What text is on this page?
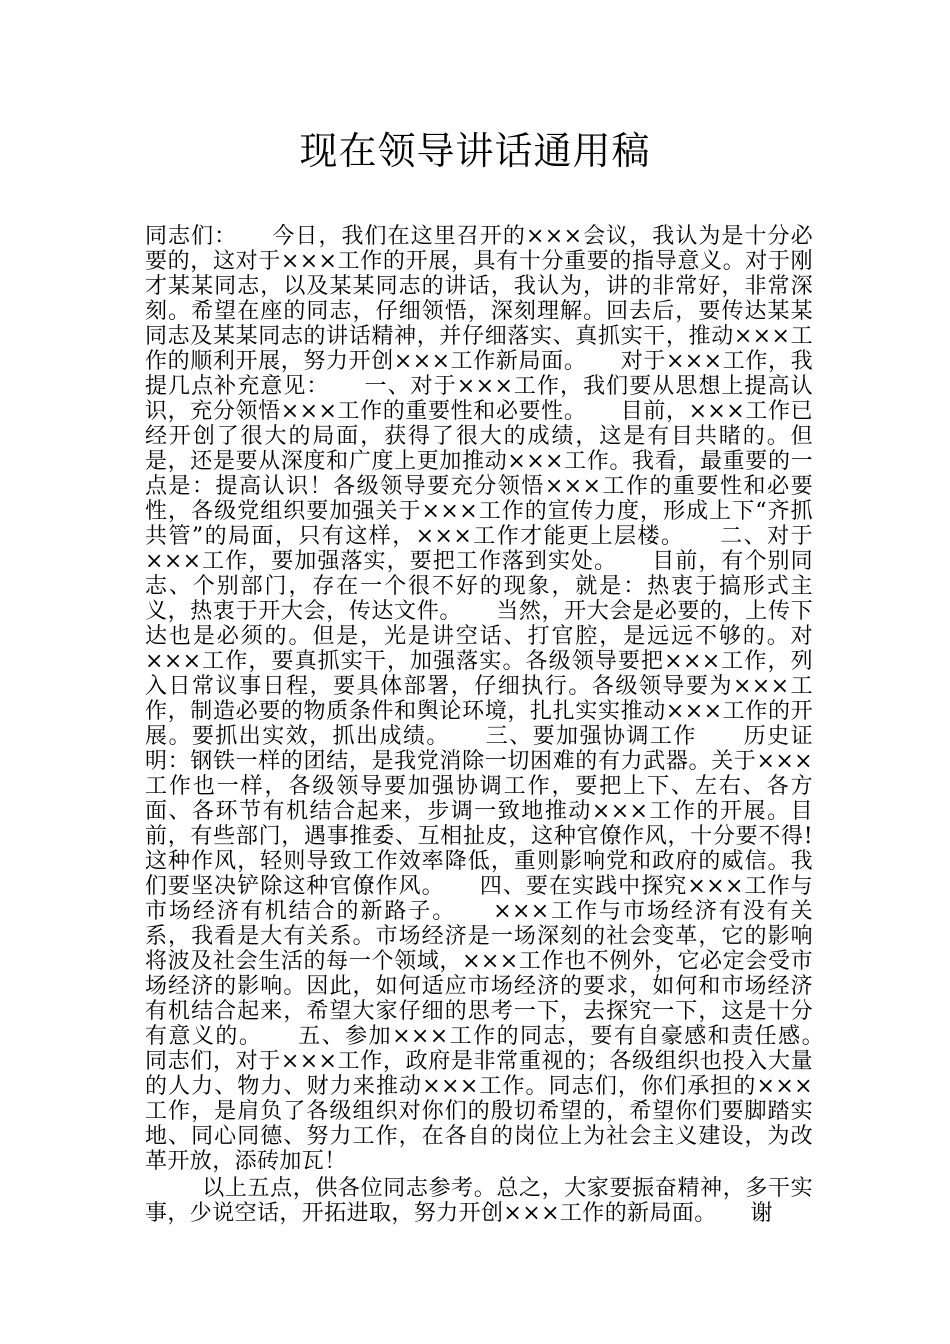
现在领导讲话通用稿

同志们：　　今日，我们在这里召开的×××会议，我认为是十分必要的，这对于×××工作的开展，具有十分重要的指导意义。对于刚才某某同志，以及某某同志的讲话，我认为，讲的非常好，非常深刻。希望在座的同志，仔细领悟，深刻理解。回去后，要传达某某同志及某某同志的讲话精神，并仔细落实、真抓实干，推动×××工作的顺利开展，努力开创×××工作新局面。　　对于×××工作，我提几点补充意见：　　一、对于×××工作，我们要从思想上提高认识，充分领悟×××工作的重要性和必要性。　　目前，×××工作已经开创了很大的局面，获得了很大的成绩，这是有目共睹的。但是，还是要从深度和广度上更加推动×××工作。我看，最重要的一点是：提高认识！各级领导要充分领悟×××工作的重要性和必要性，各级党组织要加强关于×××工作的宣传力度，形成上下“齐抓共管”的局面，只有这样，×××工作才能更上层楼。　　二、对于×××工作，要加强落实，要把工作落到实处。　　目前，有个别同志、个别部门，存在一个很不好的现象，就是：热衷于搞形式主义，热衷于开大会，传达文件。　　当然，开大会是必要的，上传下达也是必须的。但是，光是讲空话、打官腔，是远远不够的。对×××工作，要真抓实干，加强落实。各级领导要把×××工作，列入日常议事日程，要具体部署，仔细执行。各级领导要为×××工作，制造必要的物质条件和舆论环境，扎扎实实推动×××工作的开展。要抓出实效，抓出成绩。　　三、要加强协调工作　　历史证明：钢铁一样的团结，是我党消除一切困难的有力武器。关于×××工作也一样，各级领导要加强协调工作，要把上下、左右、各方面、各环节有机结合起来，步调一致地推动×××工作的开展。目前，有些部门，遇事推委、互相扯皮，这种官僚作风，十分要不得!这种作风，轻则导致工作效率降低，重则影响党和政府的威信。我们要坚决铲除这种官僚作风。　　四、要在实践中探究×××工作与市场经济有机结合的新路子。　　×××工作与市场经济有没有关系，我看是大有关系。市场经济是一场深刻的社会变革，它的影响将波及社会生活的每一个领域，×××工作也不例外，它必定会受市场经济的影响。因此，如何适应市场经济的要求，如何和市场经济有机结合起来，希望大家仔细的思考一下，去探究一下，这是十分有意义的。　　五、参加×××工作的同志，要有自豪感和责任感。　　同志们，对于×××工作，政府是非常重视的；各级组织也投入大量的人力、物力、财力来推动×××工作。同志们，你们承担的×××工作，是肩负了各级组织对你们的殷切希望的，希望你们要脚踏实地、同心同德、努力工作，在各自的岗位上为社会主义建设，为改革开放，添砖加瓦！

以上五点，供各位同志参考。总之，大家要振奋精神，多干实事，少说空话，开拓进取，努力开创×××工作的新局面。　　谢
